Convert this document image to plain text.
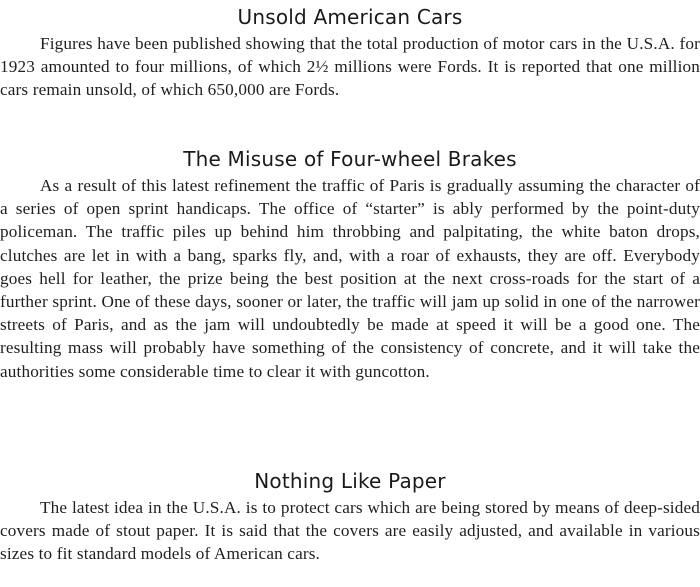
Unsold American Cars

Figures have been published showing that the total production of motor cars in the U.S.A. for 1923 amounted to four millions, of which 2½ millions were Fords. It is reported that one million cars remain unsold, of which 650,000 are Fords.

The Misuse of Four-wheel Brakes

As a result of this latest refinement the traffic of Paris is gradually assuming the character of a series of open sprint handicaps. The office of “starter” is ably performed by the point-duty policeman. The traffic piles up behind him throbbing and palpitating, the white baton drops, clutches are let in with a bang, sparks fly, and, with a roar of exhausts, they are off. Everybody goes hell for leather, the prize being the best position at the next cross-roads for the start of a further sprint. One of these days, sooner or later, the traffic will jam up solid in one of the narrower streets of Paris, and as the jam will undoubtedly be made at speed it will be a good one. The resulting mass will probably have something of the consistency of concrete, and it will take the authorities some considerable time to clear it with guncotton.

Nothing Like Paper

The latest idea in the U.S.A. is to protect cars which are being stored by means of deep-sided covers made of stout paper. It is said that the covers are easily adjusted, and available in various sizes to fit standard models of American cars.
